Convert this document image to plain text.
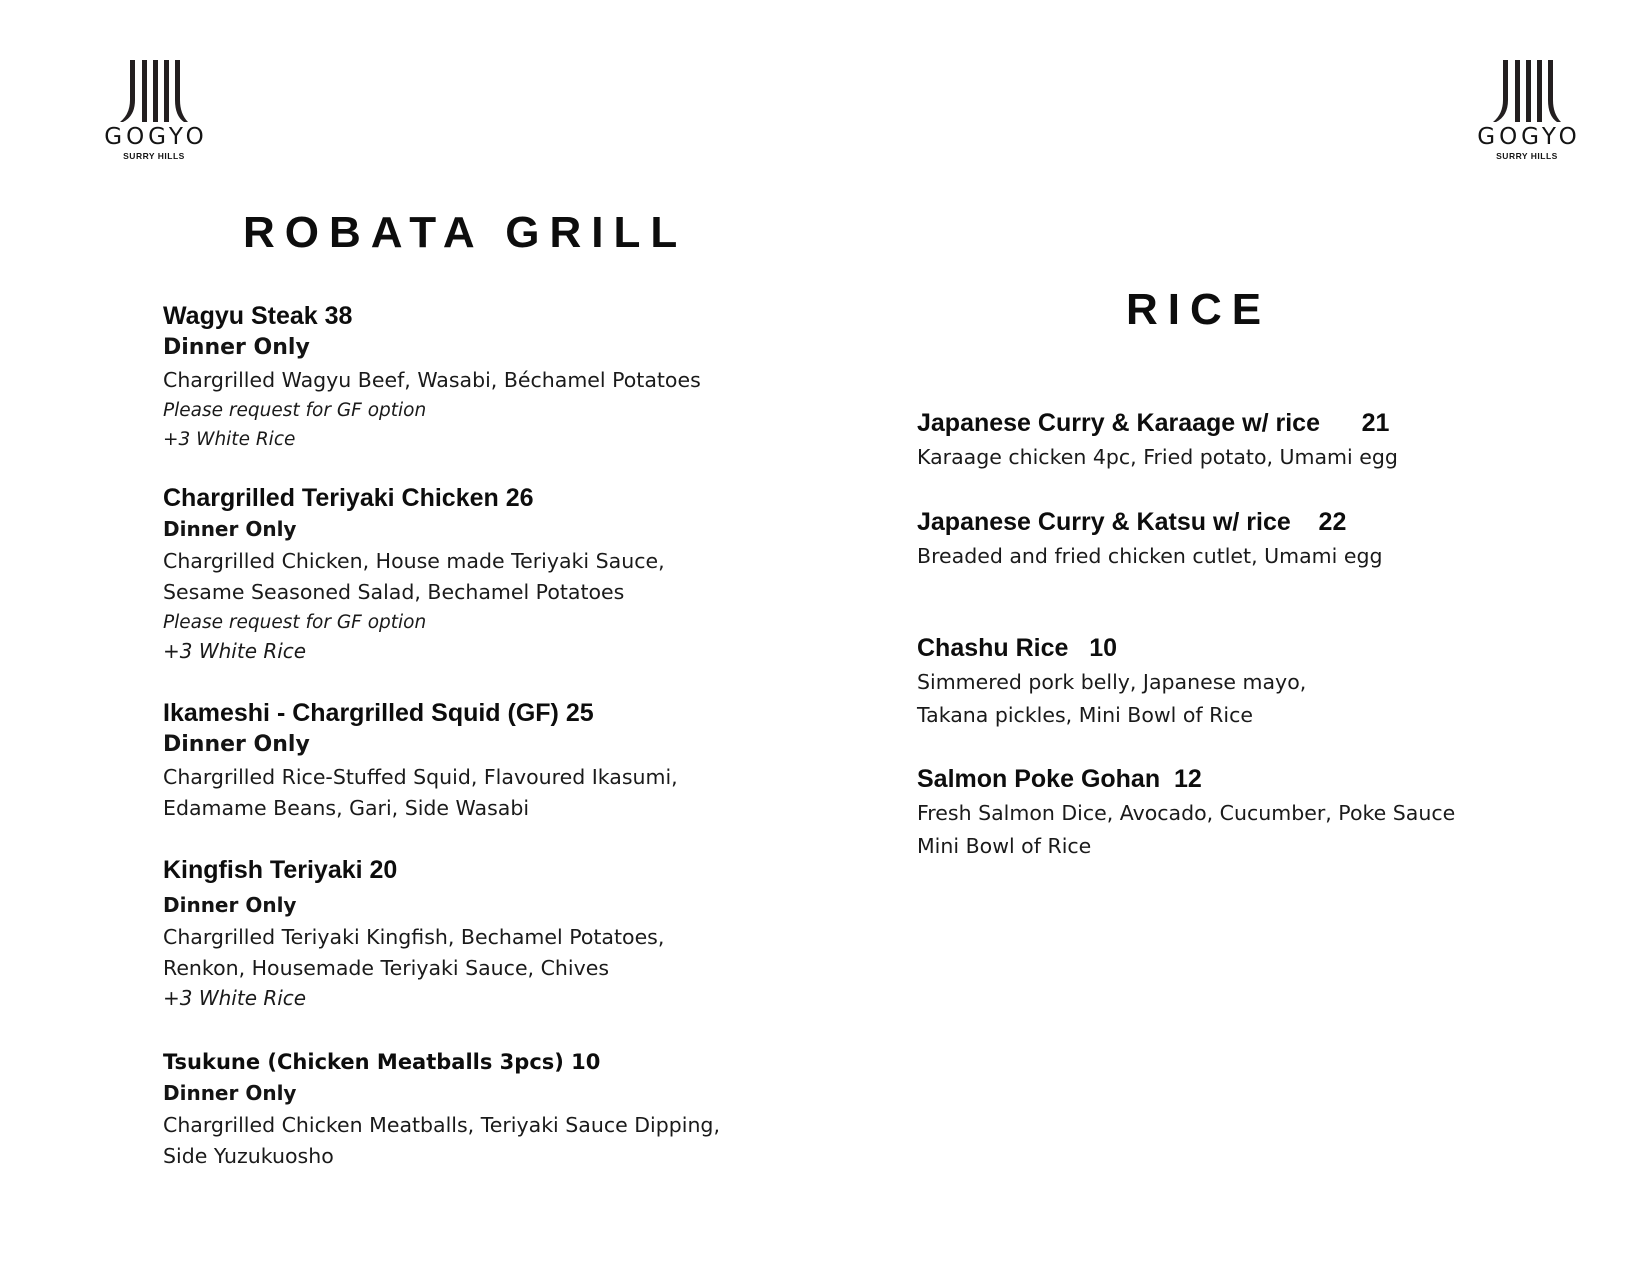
GOGYO
SURRY HILLS
GOGYO
SURRY HILLS
ROBATA GRILL
RICE
Wagyu Steak 38
Dinner Only
Chargrilled Wagyu Beef, Wasabi, Béchamel Potatoes
Please request for GF option
+3 White Rice
Chargrilled Teriyaki Chicken 26
Dinner Only
Chargrilled Chicken, House made Teriyaki Sauce,
Sesame Seasoned Salad, Bechamel Potatoes
Please request for GF option
+3 White Rice
Ikameshi - Chargrilled Squid (GF) 25
Dinner Only
Chargrilled Rice-Stuffed Squid, Flavoured Ikasumi,
Edamame Beans, Gari, Side Wasabi
Kingfish Teriyaki 20
Dinner Only
Chargrilled Teriyaki Kingfish, Bechamel Potatoes,
Renkon, Housemade Teriyaki Sauce, Chives
+3 White Rice
Tsukune (Chicken Meatballs 3pcs) 10
Dinner Only
Chargrilled Chicken Meatballs, Teriyaki Sauce Dipping,
Side Yuzukuosho
Japanese Curry & Karaage w/ rice      21
Karaage chicken 4pc, Fried potato, Umami egg
Japanese Curry & Katsu w/ rice    22
Breaded and fried chicken cutlet, Umami egg
Chashu Rice   10
Simmered pork belly, Japanese mayo,
Takana pickles, Mini Bowl of Rice
Salmon Poke Gohan  12
Fresh Salmon Dice, Avocado, Cucumber, Poke Sauce
Mini Bowl of Rice
